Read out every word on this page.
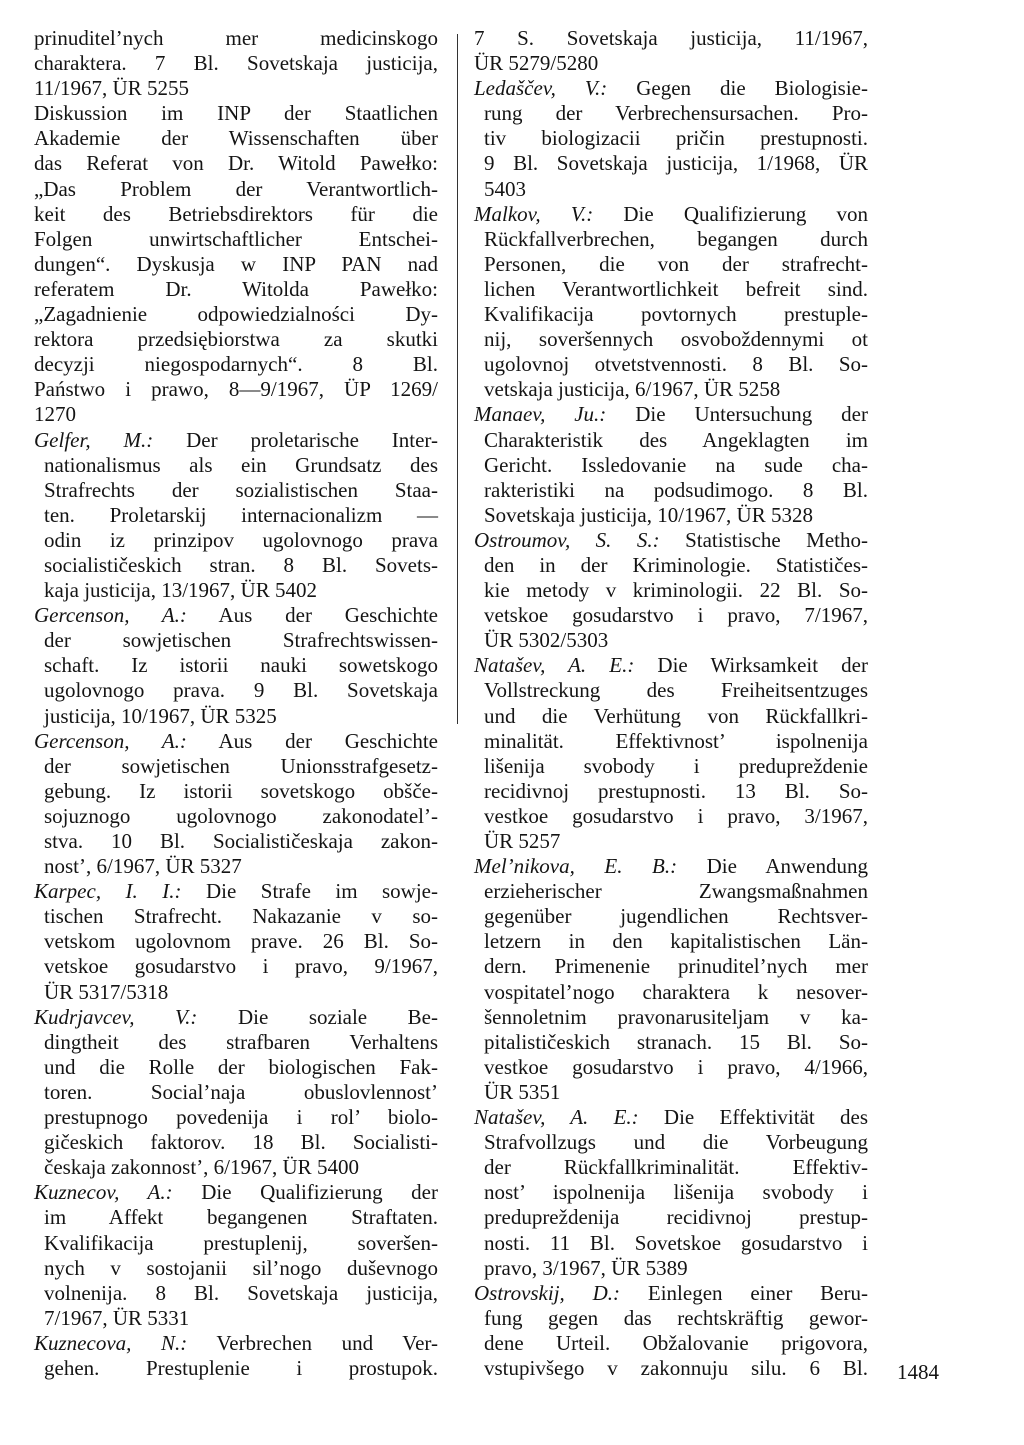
prinuditel’nych mer medicinskogo

charaktera. 7 Bl. Sovetskaja justicija,

11/1967, ÜR 5255

Diskussion im INP der Staatlichen

Akademie der Wissenschaften über

das Referat von Dr. Witold Pawełko:

„Das Problem der Verantwortlich-

keit des Betriebsdirektors für die

Folgen unwirtschaftlicher Entschei-

dungen“. Dyskusja w INP PAN nad

referatem Dr. Witolda Pawełko:

„Zagadnienie odpowiedzialności Dy-

rektora przedsiębiorstwa za skutki

decyzji niegospodarnych“. 8 Bl.

Państwo i prawo, 8—9/1967, ÜP 1269/

1270

Gelfer, M.: Der proletarische Inter-

nationalismus als ein Grundsatz des

Strafrechts der sozialistischen Staa-

ten. Proletarskij internacionalizm —

odin iz prinzipov ugolovnogo prava

socialističeskich stran. 8 Bl. Sovets-

kaja justicija, 13/1967, ÜR 5402

Gercenson, A.: Aus der Geschichte

der sowjetischen Strafrechtswissen-

schaft. Iz istorii nauki sowetskogo

ugolovnogo prava. 9 Bl. Sovetskaja

justicija, 10/1967, ÜR 5325

Gercenson, A.: Aus der Geschichte

der sowjetischen Unionsstrafgesetz-

gebung. Iz istorii sovetskogo obšče-

sojuznogo ugolovnogo zakonodatel’-

stva. 10 Bl. Socialističeskaja zakon-

nost’, 6/1967, ÜR 5327

Karpec, I. I.: Die Strafe im sowje-

tischen Strafrecht. Nakazanie v so-

vetskom ugolovnom prave. 26 Bl. So-

vetskoe gosudarstvo i pravo, 9/1967,

ÜR 5317/5318

Kudrjavcev, V.: Die soziale Be-

dingtheit des strafbaren Verhaltens

und die Rolle der biologischen Fak-

toren. Social’naja obuslovlennost’

prestupnogo povedenija i rol’ biolo-

gičeskich faktorov. 18 Bl. Socialisti-

českaja zakonnost’, 6/1967, ÜR 5400

Kuznecov, A.: Die Qualifizierung der

im Affekt begangenen Straftaten.

Kvalifikacija prestuplenij, soveršen-

nych v sostojanii sil’nogo duševnogo

volnenija. 8 Bl. Sovetskaja justicija,

7/1967, ÜR 5331

Kuznecova, N.: Verbrechen und Ver-

gehen. Prestuplenie i prostupok.

7 S. Sovetskaja justicija, 11/1967,

ÜR 5279/5280

Ledaščev, V.: Gegen die Biologisie-

rung der Verbrechensursachen. Pro-

tiv biologizacii pričin prestupnosti.

9 Bl. Sovetskaja justicija, 1/1968, ÜR

5403

Malkov, V.: Die Qualifizierung von

Rückfallverbrechen, begangen durch

Personen, die von der strafrecht-

lichen Verantwortlichkeit befreit sind.

Kvalifikacija povtornych prestuple-

nij, soveršennych osvoboždennymi ot

ugolovnoj otvetstvennosti. 8 Bl. So-

vetskaja justicija, 6/1967, ÜR 5258

Manaev, Ju.: Die Untersuchung der

Charakteristik des Angeklagten im

Gericht. Issledovanie na sude cha-

rakteristiki na podsudimogo. 8 Bl.

Sovetskaja justicija, 10/1967, ÜR 5328

Ostroumov, S. S.: Statistische Metho-

den in der Kriminologie. Statističes-

kie metody v kriminologii. 22 Bl. So-

vetskoe gosudarstvo i pravo, 7/1967,

ÜR 5302/5303

Natašev, A. E.: Die Wirksamkeit der

Vollstreckung des Freiheitsentzuges

und die Verhütung von Rückfallkri-

minalität. Effektivnost’ ispolnenija

lišenija svobody i predupreždenie

recidivnoj prestupnosti. 13 Bl. So-

vestkoe gosudarstvo i pravo, 3/1967,

ÜR 5257

Mel’nikova, E. B.: Die Anwendung

erzieherischer Zwangsmaßnahmen

gegenüber jugendlichen Rechtsver-

letzern in den kapitalistischen Län-

dern. Primenenie prinuditel’nych mer

vospitatel’nogo charaktera k nesover-

šennoletnim pravonarusiteljam v ka-

pitalističeskich stranach. 15 Bl. So-

vestkoe gosudarstvo i pravo, 4/1966,

ÜR 5351

Natašev, A. E.: Die Effektivität des

Strafvollzugs und die Vorbeugung

der Rückfallkriminalität. Effektiv-

nost’ ispolnenija lišenija svobody i

predupreždenija recidivnoj prestup-

nosti. 11 Bl. Sovetskoe gosudarstvo i

pravo, 3/1967, ÜR 5389

Ostrovskij, D.: Einlegen einer Beru-

fung gegen das rechtskräftig gewor-

dene Urteil. Obžalovanie prigovora,

vstupivšego v zakonnuju silu. 6 Bl. 1484
